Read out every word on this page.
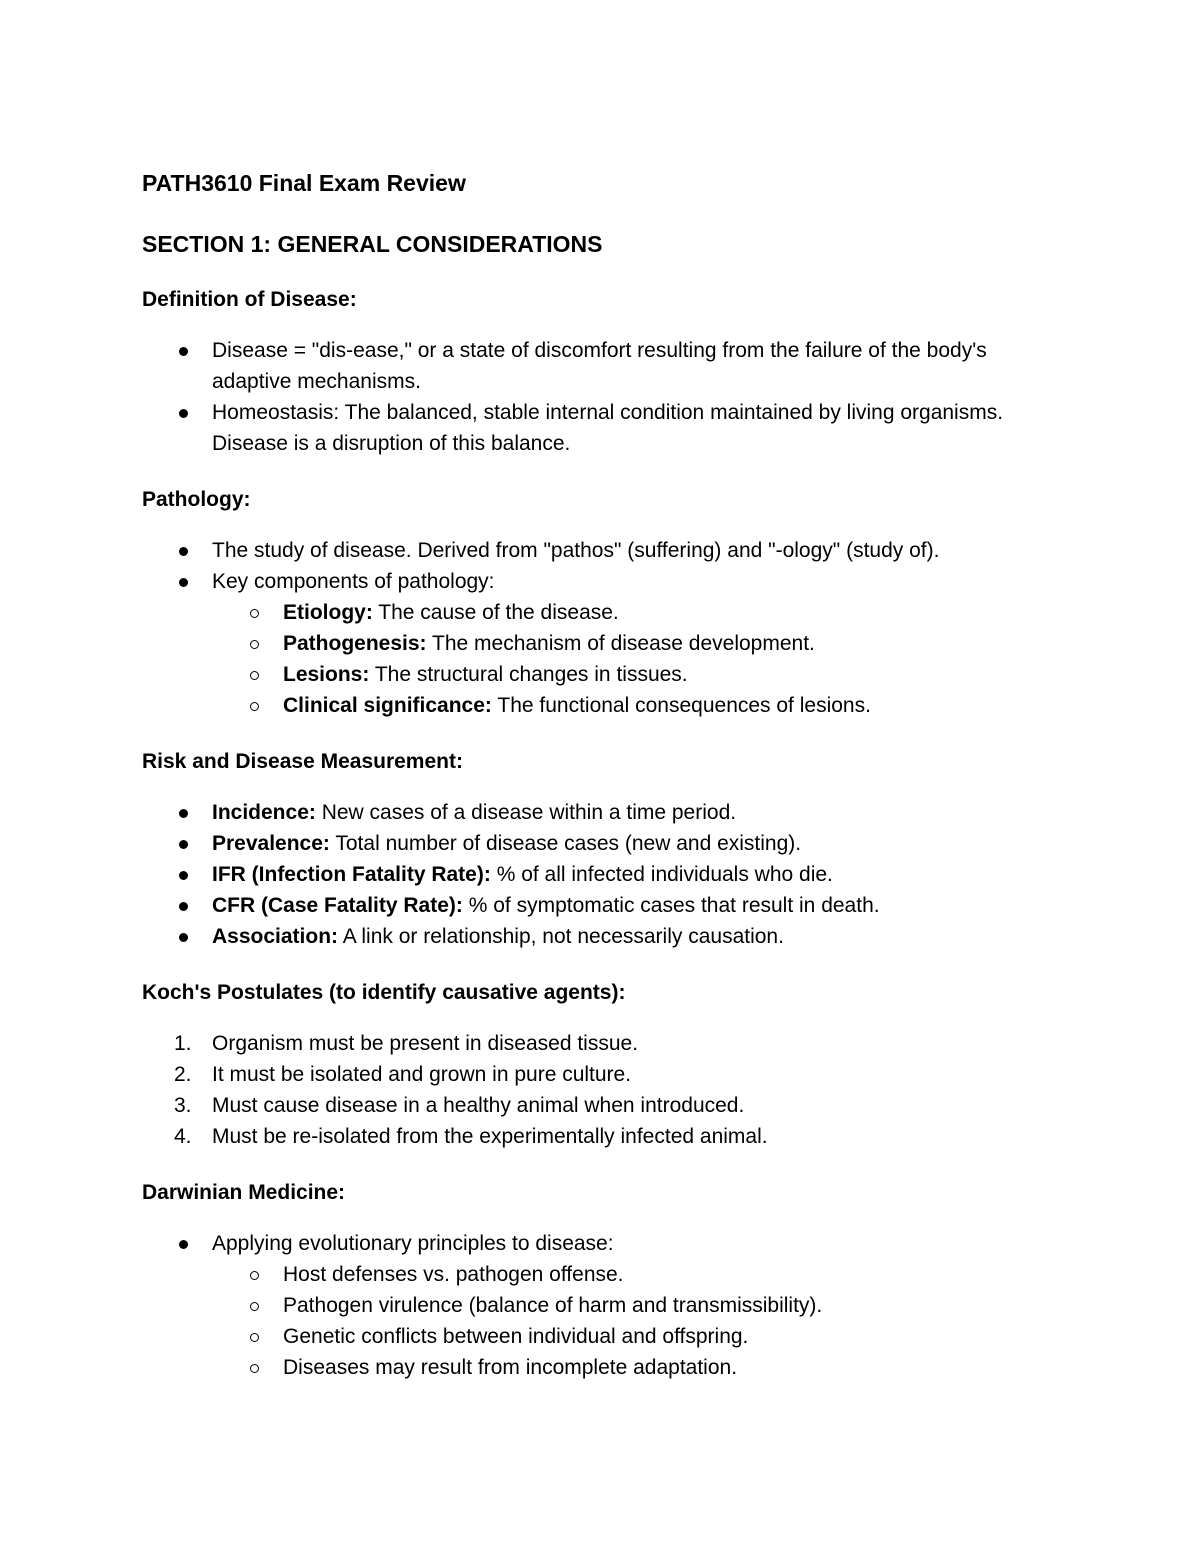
PATH3610 Final Exam Review
SECTION 1: GENERAL CONSIDERATIONS
Definition of Disease:
Disease = "dis-ease," or a state of discomfort resulting from the failure of the body's adaptive mechanisms.
Homeostasis: The balanced, stable internal condition maintained by living organisms. Disease is a disruption of this balance.
Pathology:
The study of disease. Derived from "pathos" (suffering) and "-ology" (study of).
Key components of pathology:
Etiology: The cause of the disease.
Pathogenesis: The mechanism of disease development.
Lesions: The structural changes in tissues.
Clinical significance: The functional consequences of lesions.
Risk and Disease Measurement:
Incidence: New cases of a disease within a time period.
Prevalence: Total number of disease cases (new and existing).
IFR (Infection Fatality Rate): % of all infected individuals who die.
CFR (Case Fatality Rate): % of symptomatic cases that result in death.
Association: A link or relationship, not necessarily causation.
Koch's Postulates (to identify causative agents):
1. Organism must be present in diseased tissue.
2. It must be isolated and grown in pure culture.
3. Must cause disease in a healthy animal when introduced.
4. Must be re-isolated from the experimentally infected animal.
Darwinian Medicine:
Applying evolutionary principles to disease:
Host defenses vs. pathogen offense.
Pathogen virulence (balance of harm and transmissibility).
Genetic conflicts between individual and offspring.
Diseases may result from incomplete adaptation.
